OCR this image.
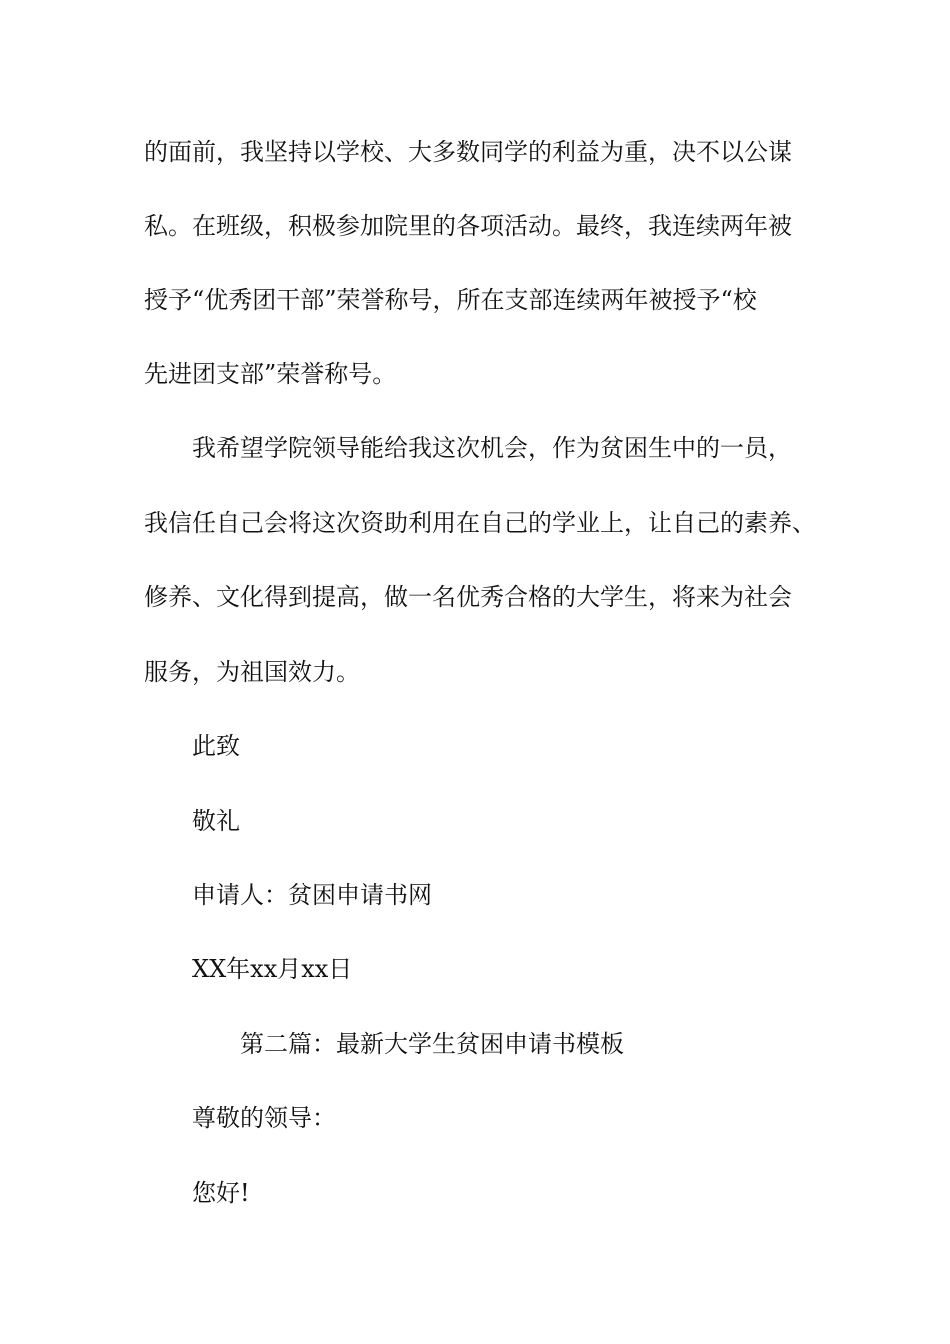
的面前，我坚持以学校、大多数同学的利益为重，决不以公谋
私。在班级，积极参加院里的各项活动。最终，我连续两年被
授予“优秀团干部”荣誉称号，所在支部连续两年被授予“校
先进团支部”荣誉称号。
我希望学院领导能给我这次机会，作为贫困生中的一员，
我信任自己会将这次资助利用在自己的学业上，让自己的素养、
修养、文化得到提高，做一名优秀合格的大学生，将来为社会
服务，为祖国效力。
此致
敬礼
申请人：贫困申请书网
XX年xx月xx日
第二篇：最新大学生贫困申请书模板
尊敬的领导：
您好!
